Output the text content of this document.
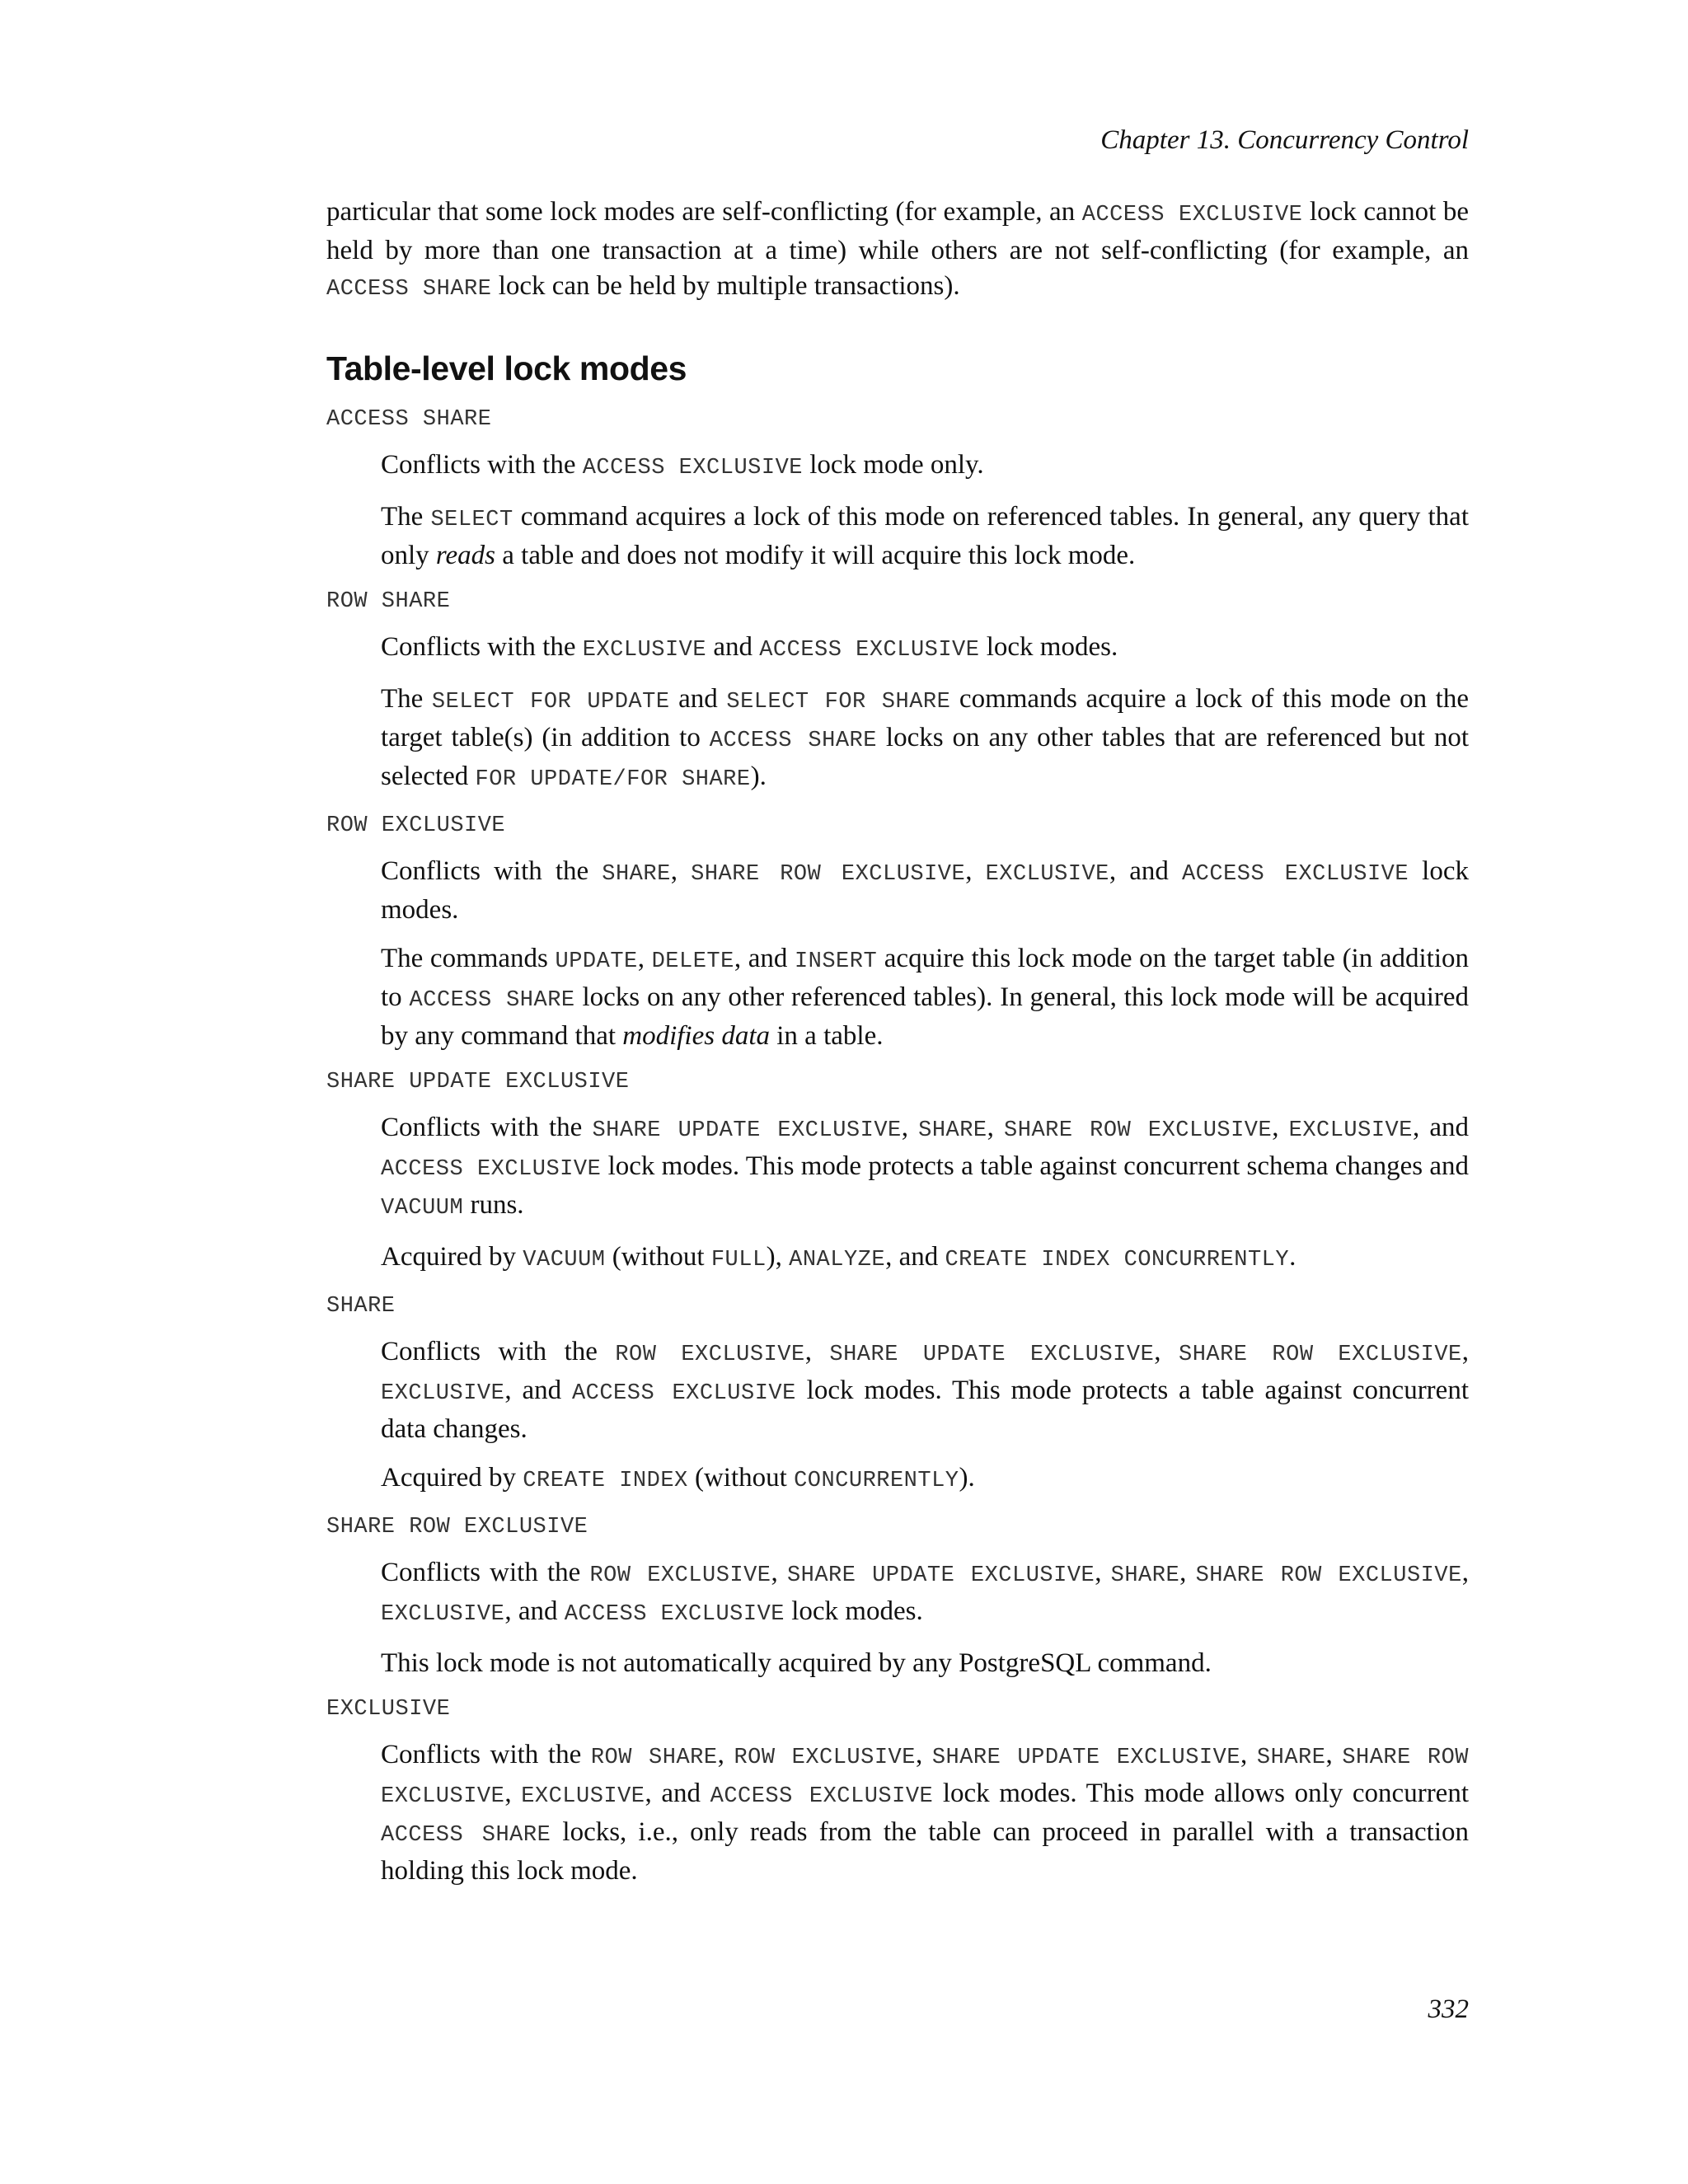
Chapter 13. Concurrency Control

particular that some lock modes are self-conflicting (for example, an ACCESS EXCLUSIVE lock cannot be held by more than one transaction at a time) while others are not self-conflicting (for example, an ACCESS SHARE lock can be held by multiple transactions).

Table-level lock modes
ACCESS SHARE

Conflicts with the ACCESS EXCLUSIVE lock mode only.

The SELECT command acquires a lock of this mode on referenced tables. In general, any query that only reads a table and does not modify it will acquire this lock mode.

ROW SHARE

Conflicts with the EXCLUSIVE and ACCESS EXCLUSIVE lock modes.

The SELECT FOR UPDATE and SELECT FOR SHARE commands acquire a lock of this mode on the target table(s) (in addition to ACCESS SHARE locks on any other tables that are referenced but not selected FOR UPDATE/FOR SHARE).

ROW EXCLUSIVE

Conflicts with the SHARE, SHARE ROW EXCLUSIVE, EXCLUSIVE, and ACCESS EXCLUSIVE lock modes.

The commands UPDATE, DELETE, and INSERT acquire this lock mode on the target table (in addition to ACCESS SHARE locks on any other referenced tables). In general, this lock mode will be acquired by any command that modifies data in a table.

SHARE UPDATE EXCLUSIVE

Conflicts with the SHARE UPDATE EXCLUSIVE, SHARE, SHARE ROW EXCLUSIVE, EXCLUSIVE, and ACCESS EXCLUSIVE lock modes. This mode protects a table against concurrent schema changes and VACUUM runs.

Acquired by VACUUM (without FULL), ANALYZE, and CREATE INDEX CONCURRENTLY.

SHARE

Conflicts with the ROW EXCLUSIVE, SHARE UPDATE EXCLUSIVE, SHARE ROW EXCLUSIVE, EXCLUSIVE, and ACCESS EXCLUSIVE lock modes. This mode protects a table against concurrent data changes.

Acquired by CREATE INDEX (without CONCURRENTLY).

SHARE ROW EXCLUSIVE

Conflicts with the ROW EXCLUSIVE, SHARE UPDATE EXCLUSIVE, SHARE, SHARE ROW EXCLUSIVE, EXCLUSIVE, and ACCESS EXCLUSIVE lock modes.

This lock mode is not automatically acquired by any PostgreSQL command.

EXCLUSIVE

Conflicts with the ROW SHARE, ROW EXCLUSIVE, SHARE UPDATE EXCLUSIVE, SHARE, SHARE ROW EXCLUSIVE, EXCLUSIVE, and ACCESS EXCLUSIVE lock modes. This mode allows only concurrent ACCESS SHARE locks, i.e., only reads from the table can proceed in parallel with a transaction holding this lock mode.

332
